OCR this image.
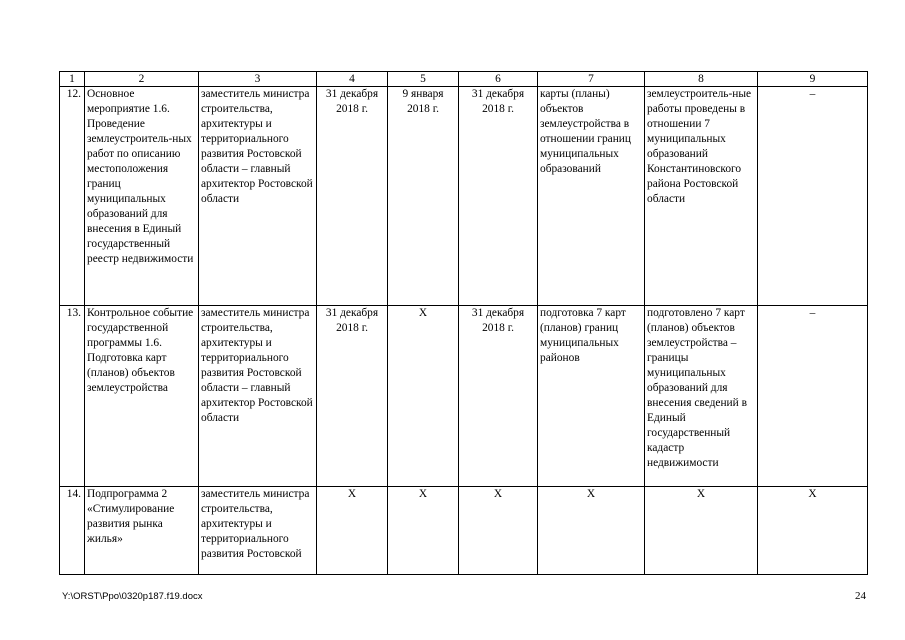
1	2	3	4	5	6	7	8	9
12.	Основное мероприятие 1.6. Проведение землеустроитель-ных работ по описанию местоположения границ муниципальных образований для внесения в Единый государственный реестр недвижимости	заместитель министра строительства, архитектуры и территориального развития Ростовской области – главный архитектор Ростовской области	31 декабря 2018 г.	9 января 2018 г.	31 декабря 2018 г.	карты (планы) объектов землеустройства в отношении границ муниципальных образований	землеустроитель-ные работы проведены в отношении 7 муниципальных образований Константиновского района Ростовской области	–
13.	Контрольное событие государственной программы 1.6. Подготовка карт (планов) объектов землеустройства	заместитель министра строительства, архитектуры и территориального развития Ростовской области – главный архитектор Ростовской области	31 декабря 2018 г.	X	31 декабря 2018 г.	подготовка 7 карт (планов) границ муниципальных районов	подготовлено 7 карт (планов) объектов землеустройства – границы муниципальных образований для внесения сведений в Единый государственный кадастр недвижимости	–
14.	Подпрограмма 2 «Стимулирование развития рынка жилья»	заместитель министра строительства, архитектуры и территориального развития Ростовской	X	X	X	X	X	X
Y:\ORST\Ppo\0320p187.f19.docx	24
